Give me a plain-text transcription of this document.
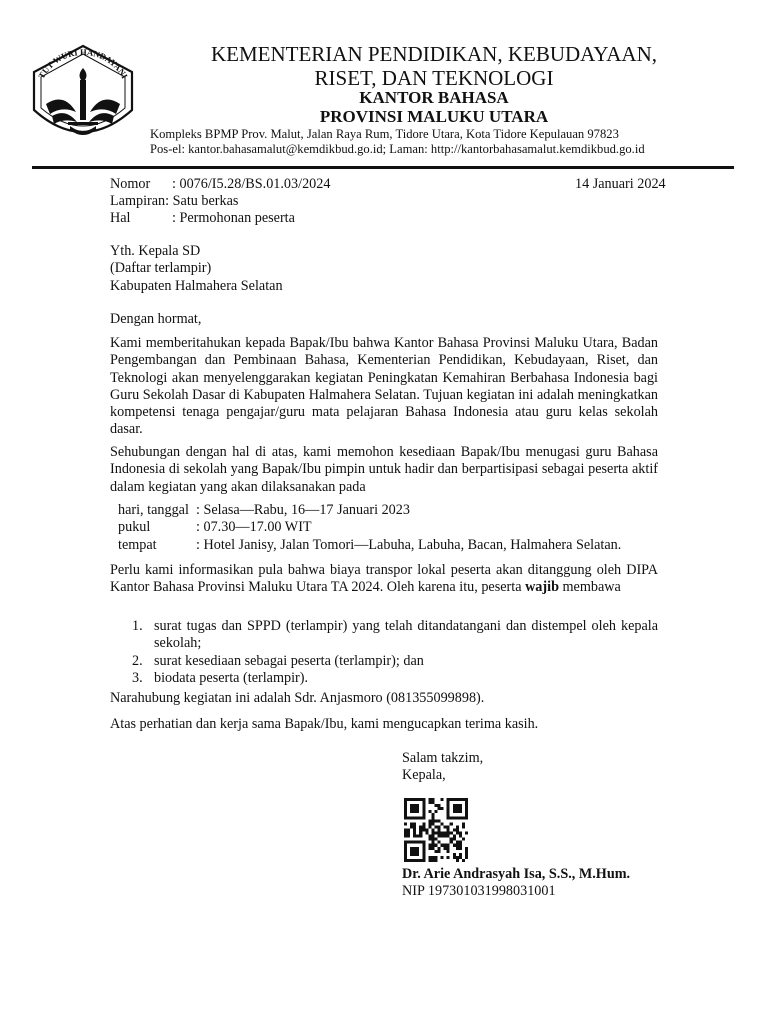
TUT WURI HANDAYANI
KEMENTERIAN PENDIDIKAN, KEBUDAYAAN,
RISET, DAN TEKNOLOGI
KANTOR BAHASA
PROVINSI MALUKU UTARA
Kompleks BPMP Prov. Malut, Jalan Raya Rum, Tidore Utara, Kota Tidore Kepulauan 97823
Pos-el: kantor.bahasamalut@kemdikbud.go.id; Laman: http://kantorbahasamalut.kemdikbud.go.id
Nomor : 0076/I5.28/BS.01.03/2024	14 Januari 2024
Lampiran: Satu berkas
Hal	: Permohonan peserta
Yth. Kepala SD
(Daftar terlampir)
Kabupaten Halmahera Selatan
Dengan hormat,
Kami memberitahukan kepada Bapak/Ibu bahwa Kantor Bahasa Provinsi Maluku Utara, Badan Pengembangan dan Pembinaan Bahasa, Kementerian Pendidikan, Kebudayaan, Riset, dan Teknologi akan menyelenggarakan kegiatan Peningkatan Kemahiran Berbahasa Indonesia bagi Guru Sekolah Dasar di Kabupaten Halmahera Selatan. Tujuan kegiatan ini adalah meningkatkan kompetensi tenaga pengajar/guru mata pelajaran Bahasa Indonesia atau guru kelas sekolah dasar.
Sehubungan dengan hal di atas, kami memohon kesediaan Bapak/Ibu menugasi guru Bahasa Indonesia di sekolah yang Bapak/Ibu pimpin untuk hadir dan berpartisipasi sebagai peserta aktif dalam kegiatan yang akan dilaksanakan pada
hari, tanggal : Selasa—Rabu, 16—17 Januari 2023
pukul	: 07.30—17.00 WIT
tempat	: Hotel Janisy, Jalan Tomori—Labuha, Labuha, Bacan, Halmahera Selatan.
Perlu kami informasikan pula bahwa biaya transpor lokal peserta akan ditanggung oleh DIPA Kantor Bahasa Provinsi Maluku Utara TA 2024. Oleh karena itu, peserta wajib membawa
1. surat tugas dan SPPD (terlampir) yang telah ditandatangani dan distempel oleh kepala sekolah;
2. surat kesediaan sebagai peserta (terlampir); dan
3. biodata peserta (terlampir).
Narahubung kegiatan ini adalah Sdr. Anjasmoro (081355099898).
Atas perhatian dan kerja sama Bapak/Ibu, kami mengucapkan terima kasih.
Salam takzim,
Kepala,
Dr. Arie Andrasyah Isa, S.S., M.Hum.
NIP 197301031998031001
